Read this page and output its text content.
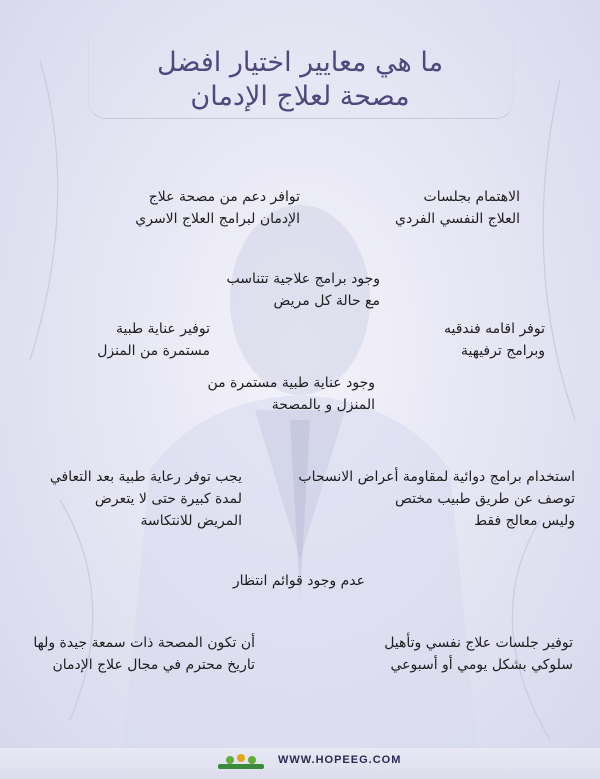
ما هي معايير اختيار افضل
مصحة لعلاج الإدمان

الاهتمام بجلسات
العلاج النفسي الفردي

توافر دعم من مصحة علاج
الإدمان لبرامج العلاج الاسري

وجود برامج علاجية تتناسب
مع حالة كل مريض

توفر اقامه فندقيه
وبرامج ترفيهية

توفير عناية طبية
مستمرة من المنزل

وجود عناية طبية مستمرة من
المنزل و بالمصحة

استخدام برامج دوائية لمقاومة أعراض الانسحاب
توصف عن طريق طبيب مختص
وليس معالج فقط

يجب توفر رعاية طبية بعد التعافي
لمدة كبيرة حتى لا يتعرض
المريض للانتكاسة

عدم وجود قوائم انتظار

توفير جلسات علاج نفسي وتأهيل
سلوكي بشكل يومي أو أسبوعي

أن تكون المصحة ذات سمعة جيدة ولها
تاريخ محترم في مجال علاج الإدمان

WWW.HOPEEG.COM
